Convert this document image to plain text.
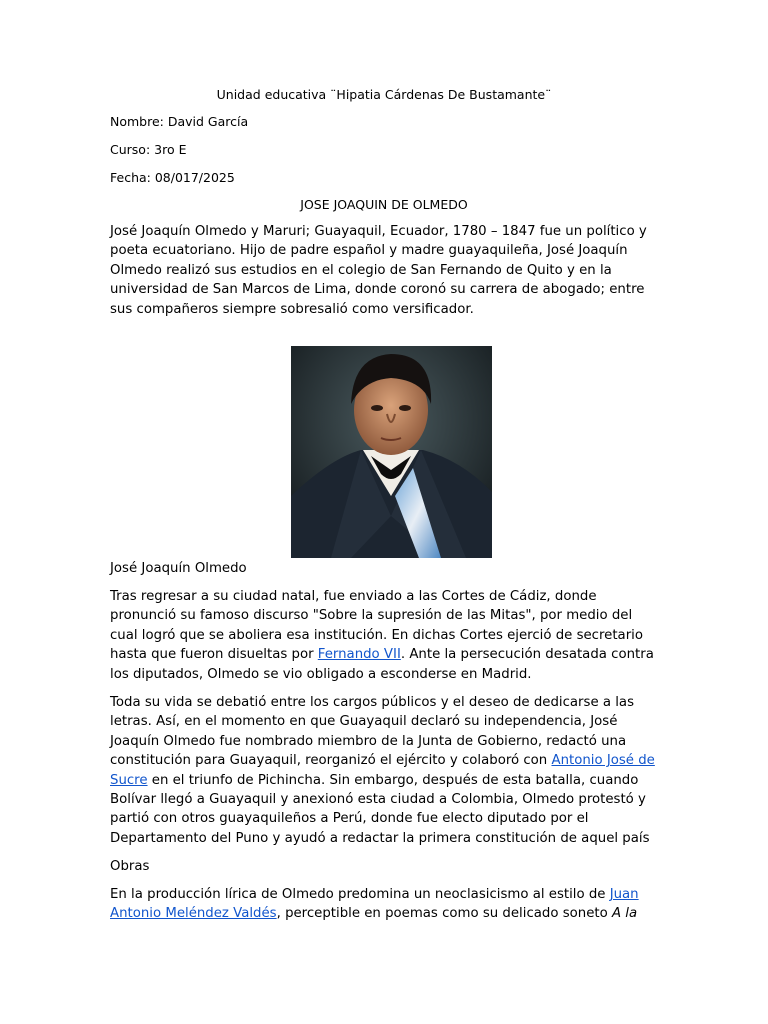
Unidad educativa ¨Hipatia Cárdenas De Bustamante¨
Nombre: David García
Curso: 3ro E
Fecha: 08/017/2025
JOSE JOAQUIN DE OLMEDO

José Joaquín Olmedo y Maruri; Guayaquil, Ecuador, 1780 – 1847 fue un político y poeta ecuatoriano. Hijo de padre español y madre guayaquileña, José Joaquín Olmedo realizó sus estudios en el colegio de San Fernando de Quito y en la universidad de San Marcos de Lima, donde coronó su carrera de abogado; entre sus compañeros siempre sobresalió como versificador.

José Joaquín Olmedo

Tras regresar a su ciudad natal, fue enviado a las Cortes de Cádiz, donde pronunció su famoso discurso "Sobre la supresión de las Mitas", por medio del cual logró que se aboliera esa institución. En dichas Cortes ejerció de secretario hasta que fueron disueltas por Fernando VII. Ante la persecución desatada contra los diputados, Olmedo se vio obligado a esconderse en Madrid.

Toda su vida se debatió entre los cargos públicos y el deseo de dedicarse a las letras. Así, en el momento en que Guayaquil declaró su independencia, José Joaquín Olmedo fue nombrado miembro de la Junta de Gobierno, redactó una constitución para Guayaquil, reorganizó el ejército y colaboró con Antonio José de Sucre en el triunfo de Pichincha. Sin embargo, después de esta batalla, cuando Bolívar llegó a Guayaquil y anexionó esta ciudad a Colombia, Olmedo protestó y partió con otros guayaquileños a Perú, donde fue electo diputado por el Departamento del Puno y ayudó a redactar la primera constitución de aquel país

Obras

En la producción lírica de Olmedo predomina un neoclasicismo al estilo de Juan Antonio Meléndez Valdés, perceptible en poemas como su delicado soneto A la
